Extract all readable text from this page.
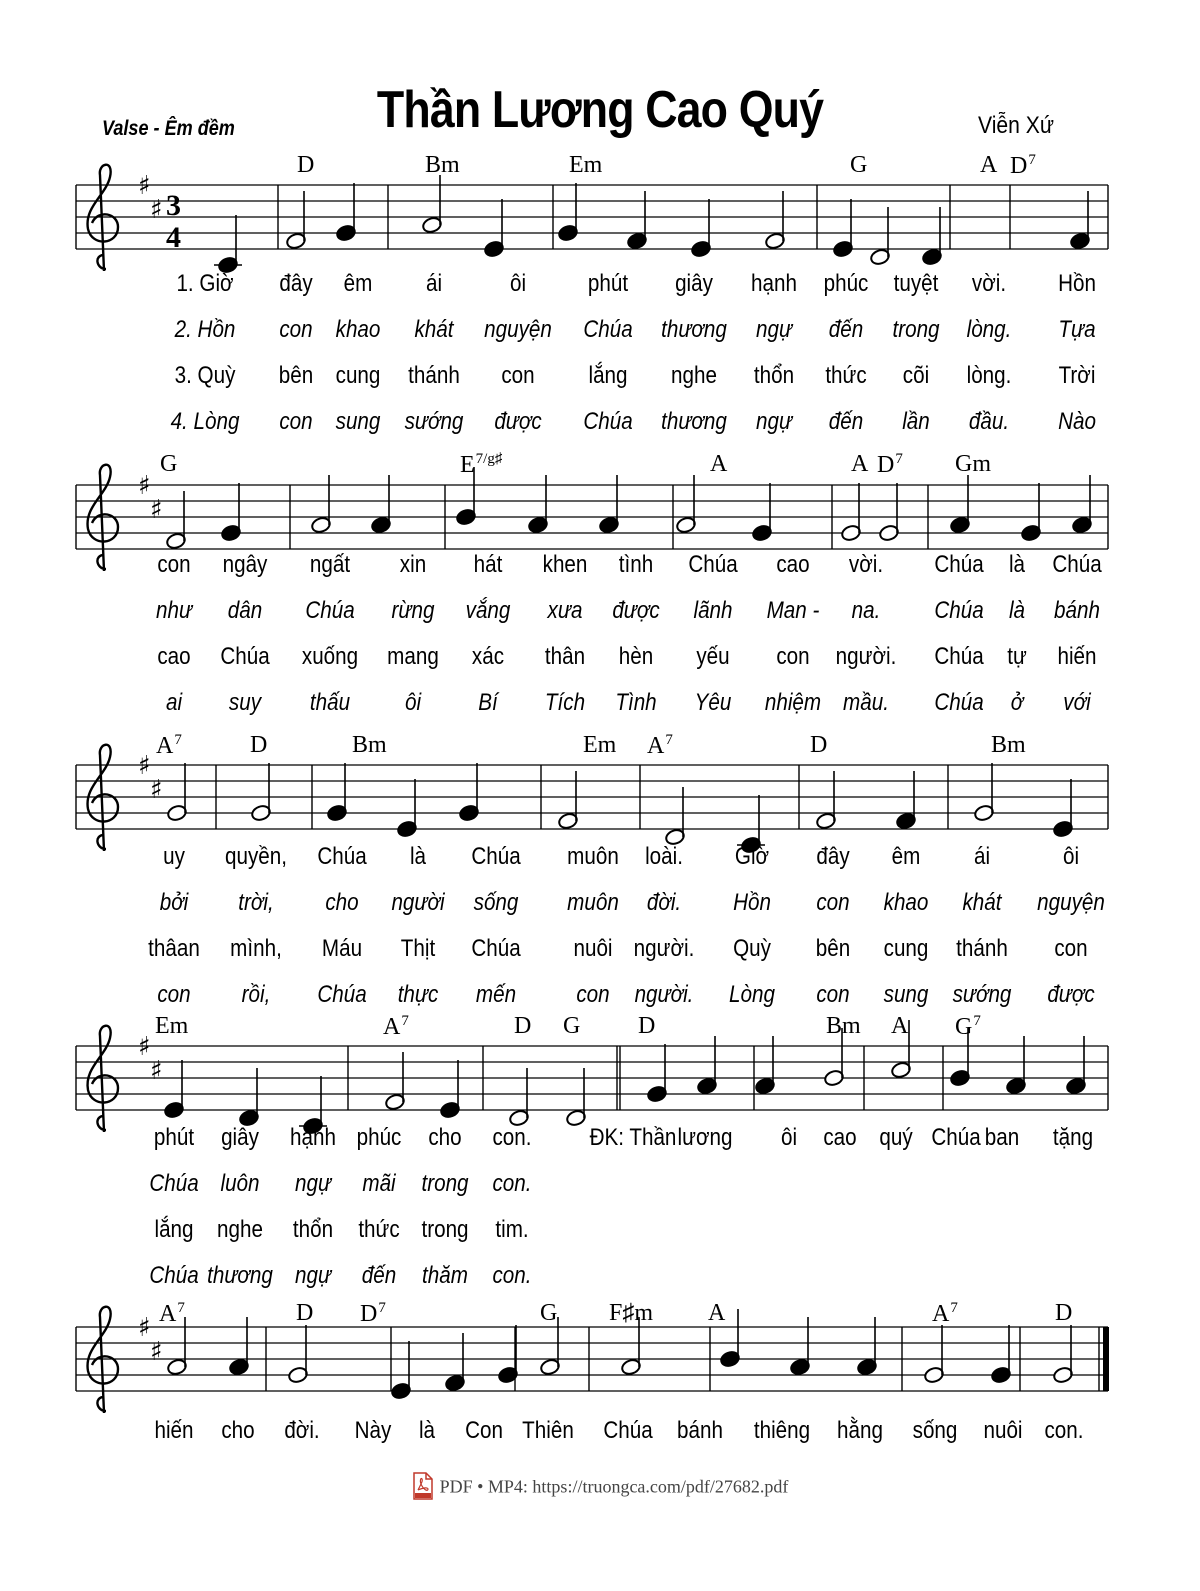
Valse - Êm đềm	Thần Lương Cao Quý	Viễn Xứ
♯
♯ 3
4
♯
♯
♯
♯
♯
♯
♯
♯
D	Bm	Em	G	A $D^7$
G	$E^{7/g♯}$	A	A $D^7$ Gm
$A^7$	D	Bm	Em $A^7$	D	Bm
Em	$A^7$	D G D	Bm A $G^7$
$A^7$	D $D^7$	G F♯m A	$A^7$	D
1. Giờ đây êm ái	ôi	phút giây hạnh phúc tuyệt vời. Hồn
2. Hồn con khao khát nguyện Chúa thương ngự đến trong lòng. Tựa
3. Quỳ bên cung thánh con lắng nghe thổn thức cõi lòng. Trời
4. Lòng con sung sướng được Chúa thương ngự đến lần đầu. Nào
con ngây ngất xin hát khen tình Chúa cao vời. Chúa là Chúa
như dân Chúa rừng vắng xưa được lãnh Man - na. Chúa là bánh
cao Chúa xuống mang xác thân hèn yếu con người. Chúa tự hiến
ai suy thấu ôi Bí Tích Tình Yêu nhiệm mầu. Chúa ở với
uy quyền, Chúa là Chúa muôn loài. Giờ đây êm ái	ôi
bởi trời, cho người sống muôn đời. Hồn con khao khát nguyện
thâan mình, Máu Thịt Chúa nuôi người. Quỳ bên cung thánh con
con rồi, Chúa thực mến	con người. Lòng con sung sướng được
phút giây hạnh phúc cho con. ĐK: Thần lương ôi cao quý Chúa ban tặng
Chúa luôn ngự mãi trong con.
lắng nghe thổn thức trong tim.
Chúa thương ngự đến thăm con.
hiến cho đời. Này là Con Thiên Chúa bánh thiêng hằng sống nuôi con.
PDF • MP4: https://truongca.com/pdf/27682.pdf
